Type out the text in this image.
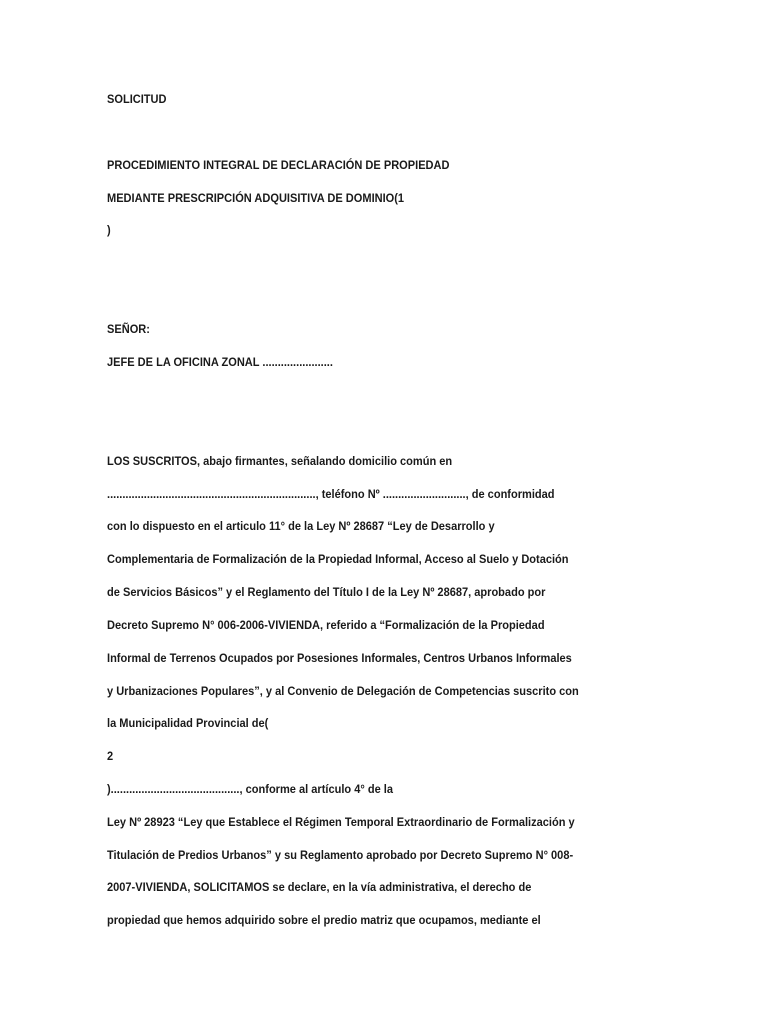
SOLICITUD
PROCEDIMIENTO INTEGRAL DE DECLARACIÓN DE PROPIEDAD
MEDIANTE PRESCRIPCIÓN ADQUISITIVA DE DOMINIO(1
)
SEÑOR:
JEFE DE LA OFICINA ZONAL .......................
LOS SUSCRITOS, abajo firmantes, señalando domicilio común en
...................................................................., teléfono Nº ..........................., de conformidad
con lo dispuesto en el articulo 11° de la Ley Nº 28687 “Ley de Desarrollo y
Complementaria de Formalización de la Propiedad Informal, Acceso al Suelo y Dotación
de Servicios Básicos” y el Reglamento del Título I de la Ley Nº 28687, aprobado por
Decreto Supremo N° 006-2006-VIVIENDA, referido a “Formalización de la Propiedad
Informal de Terrenos Ocupados por Posesiones Informales, Centros Urbanos Informales
y Urbanizaciones Populares”, y al Convenio de Delegación de Competencias suscrito con
la Municipalidad Provincial de(
2
).........................................., conforme al artículo 4° de la
Ley Nº 28923 “Ley que Establece el Régimen Temporal Extraordinario de Formalización y
Titulación de Predios Urbanos” y su Reglamento aprobado por Decreto Supremo N° 008-
2007-VIVIENDA, SOLICITAMOS se declare, en la vía administrativa, el derecho de
propiedad que hemos adquirido sobre el predio matriz que ocupamos, mediante el
